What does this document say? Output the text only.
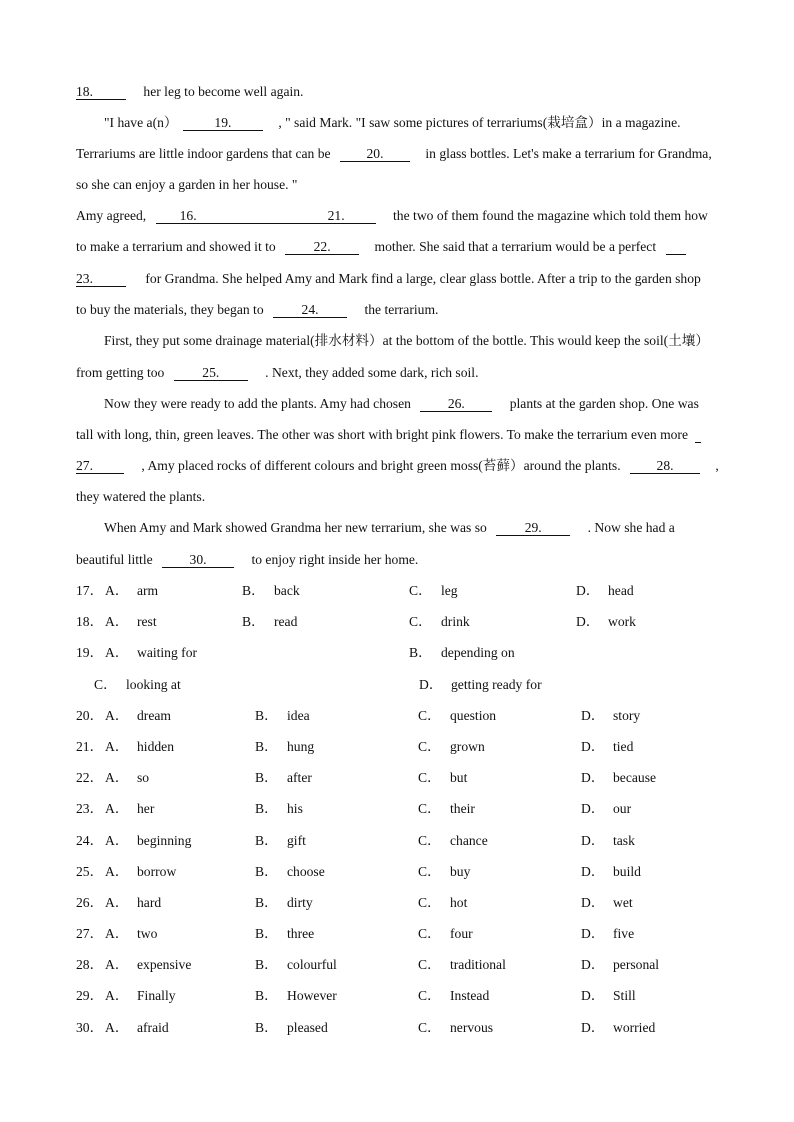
18.	her leg to become well again.
"I have a(n）	19.	, " said Mark. "I saw some pictures of terrariums(栽培盒）in a magazine.
Terrariums are little indoor gardens that can be	20.	in glass bottles. Let's make a terrarium for Grandma,
so she can enjoy a garden in her house. "
Amy agreed, 16.	21.	the two of them found the magazine which told them how
to make a terrarium and showed it to	22.	mother. She said that a terrarium would be a perfect
23.	for Grandma. She helped Amy and Mark find a large, clear glass bottle. After a trip to the garden shop
to buy the materials, they began to	24.	the terrarium.
First, they put some drainage material(排水材料）at the bottom of the bottle. This would keep the soil(土壤）
from getting too	25.	. Next, they added some dark, rich soil.
Now they were ready to add the plants. Amy had chosen	26.	plants at the garden shop. One was
tall with long, thin, green leaves. The other was short with bright pink flowers. To make the terrarium even more
27.	, Amy placed rocks of different colours and bright green moss(苔藓）around the plants.	28.	,
they watered the plants.
When Amy and Mark showed Grandma her new terrarium, she was so	29.	. Now she had a
beautiful little	30.	to enjoy right inside her home.
17． A． arm	B． back	C． leg	D． head
18． A． rest	B． read	C． drink	D． work
19． A． waiting for	B． depending on
C． looking at	D． getting ready for
20． A． dream	B． idea	C． question	D． story
21． A． hidden	B． hung	C． grown	D． tied
22． A． so	B． after	C． but	D． because
23． A． her	B． his	C． their	D． our
24． A． beginning	B． gift	C． chance	D． task
25． A． borrow	B． choose	C． buy	D． build
26． A． hard	B． dirty	C． hot	D． wet
27． A． two	B． three	C． four	D． five
28． A． expensive	B． colourful	C． traditional	D． personal
29． A． Finally	B． However	C． Instead	D． Still
30． A． afraid	B． pleased	C． nervous	D． worried
